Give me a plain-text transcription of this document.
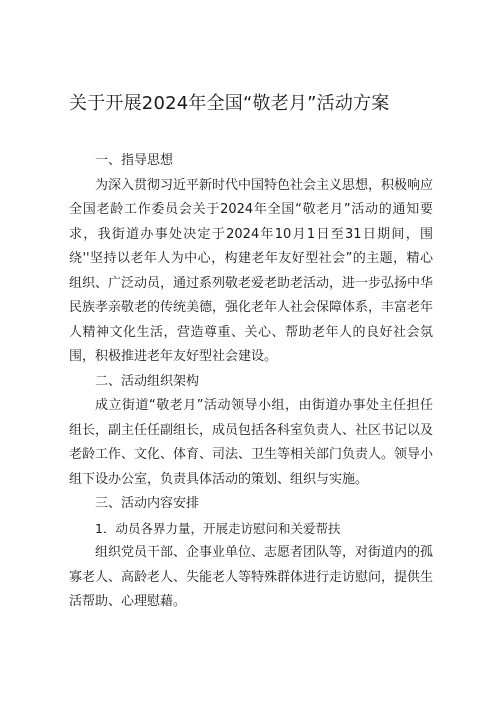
关于开展2024年全国“敬老月”活动方案

一、指导思想

为深入贯彻习近平新时代中国特色社会主义思想，积极响应全国老龄工作委员会关于2024年全国“敬老月”活动的通知要求，我街道办事处决定于2024年10月1日至31日期间，围绕''坚持以老年人为中心，构建老年友好型社会”的主题，精心组织、广泛动员，通过系列敬老爱老助老活动，进一步弘扬中华民族孝亲敬老的传统美德，强化老年人社会保障体系，丰富老年人精神文化生活，营造尊重、关心、帮助老年人的良好社会氛围，积极推进老年友好型社会建设。

二、活动组织架构

成立街道“敬老月”活动领导小组，由街道办事处主任担任组长，副主任任副组长，成员包括各科室负责人、社区书记以及老龄工作、文化、体育、司法、卫生等相关部门负责人。领导小组下设办公室，负责具体活动的策划、组织与实施。

三、活动内容安排

1．动员各界力量，开展走访慰问和关爱帮扶

组织党员干部、企事业单位、志愿者团队等，对街道内的孤寡老人、高龄老人、失能老人等特殊群体进行走访慰问，提供生活帮助、心理慰藉。
